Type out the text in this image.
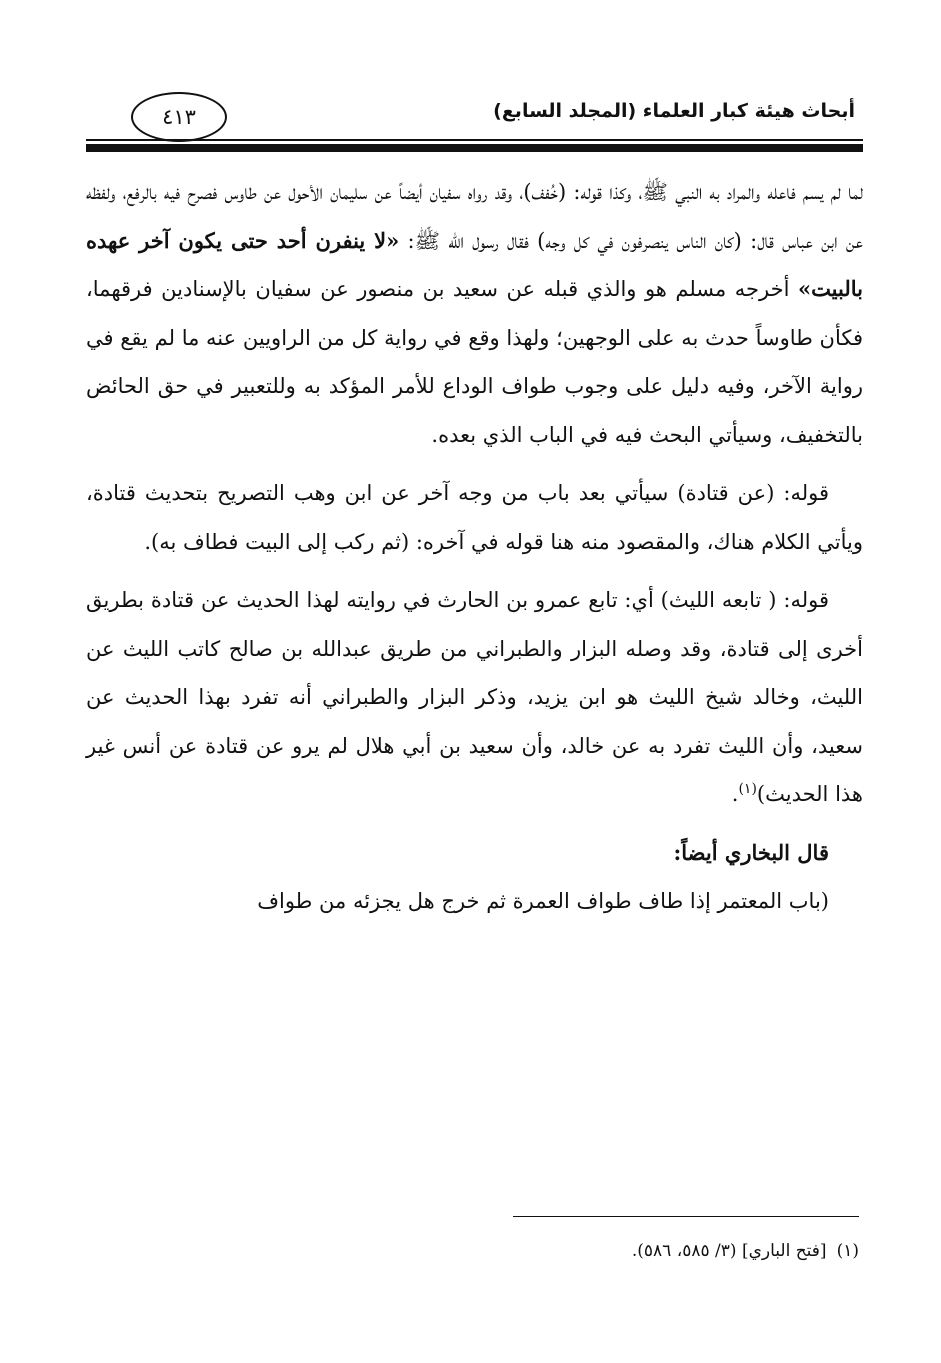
أبحاث هيئة كبار العلماء (المجلد السابع)
٤١٣

لما لم يسم فاعله والمراد به النبي ﷺ، وكذا قوله: (خُفف)، وقد رواه سفيان أيضاً عن سليمان الأحول عن طاوس فصرح فيه بالرفع، ولفظه عن ابن عباس قال: (كان الناس ينصرفون في كل وجه) فقال رسول الله ﷺ: «لا ينفرن أحد حتى يكون آخر عهده بالبيت» أخرجه مسلم هو والذي قبله عن سعيد بن منصور عن سفيان بالإسنادين فرقهما، فكأن طاوساً حدث به على الوجهين؛ ولهذا وقع في رواية كل من الراويين عنه ما لم يقع في رواية الآخر، وفيه دليل على وجوب طواف الوداع للأمر المؤكد به وللتعبير في حق الحائض بالتخفيف، وسيأتي البحث فيه في الباب الذي بعده.

قوله: (عن قتادة) سيأتي بعد باب من وجه آخر عن ابن وهب التصريح بتحديث قتادة، ويأتي الكلام هناك، والمقصود منه هنا قوله في آخره: (ثم ركب إلى البيت فطاف به).

قوله: ( تابعه الليث) أي: تابع عمرو بن الحارث في روايته لهذا الحديث عن قتادة بطريق أخرى إلى قتادة، وقد وصله البزار والطبراني من طريق عبدالله بن صالح كاتب الليث عن الليث، وخالد شيخ الليث هو ابن يزيد، وذكر البزار والطبراني أنه تفرد بهذا الحديث عن سعيد، وأن الليث تفرد به عن خالد، وأن سعيد بن أبي هلال لم يرو عن قتادة عن أنس غير هذا الحديث)$^{(١)}$.

قال البخاري أيضاً:

(باب المعتمر إذا طاف طواف العمرة ثم خرج هل يجزئه من طواف

(١)[فتح الباري] (٣/ ٥٨٥، ٥٨٦).
